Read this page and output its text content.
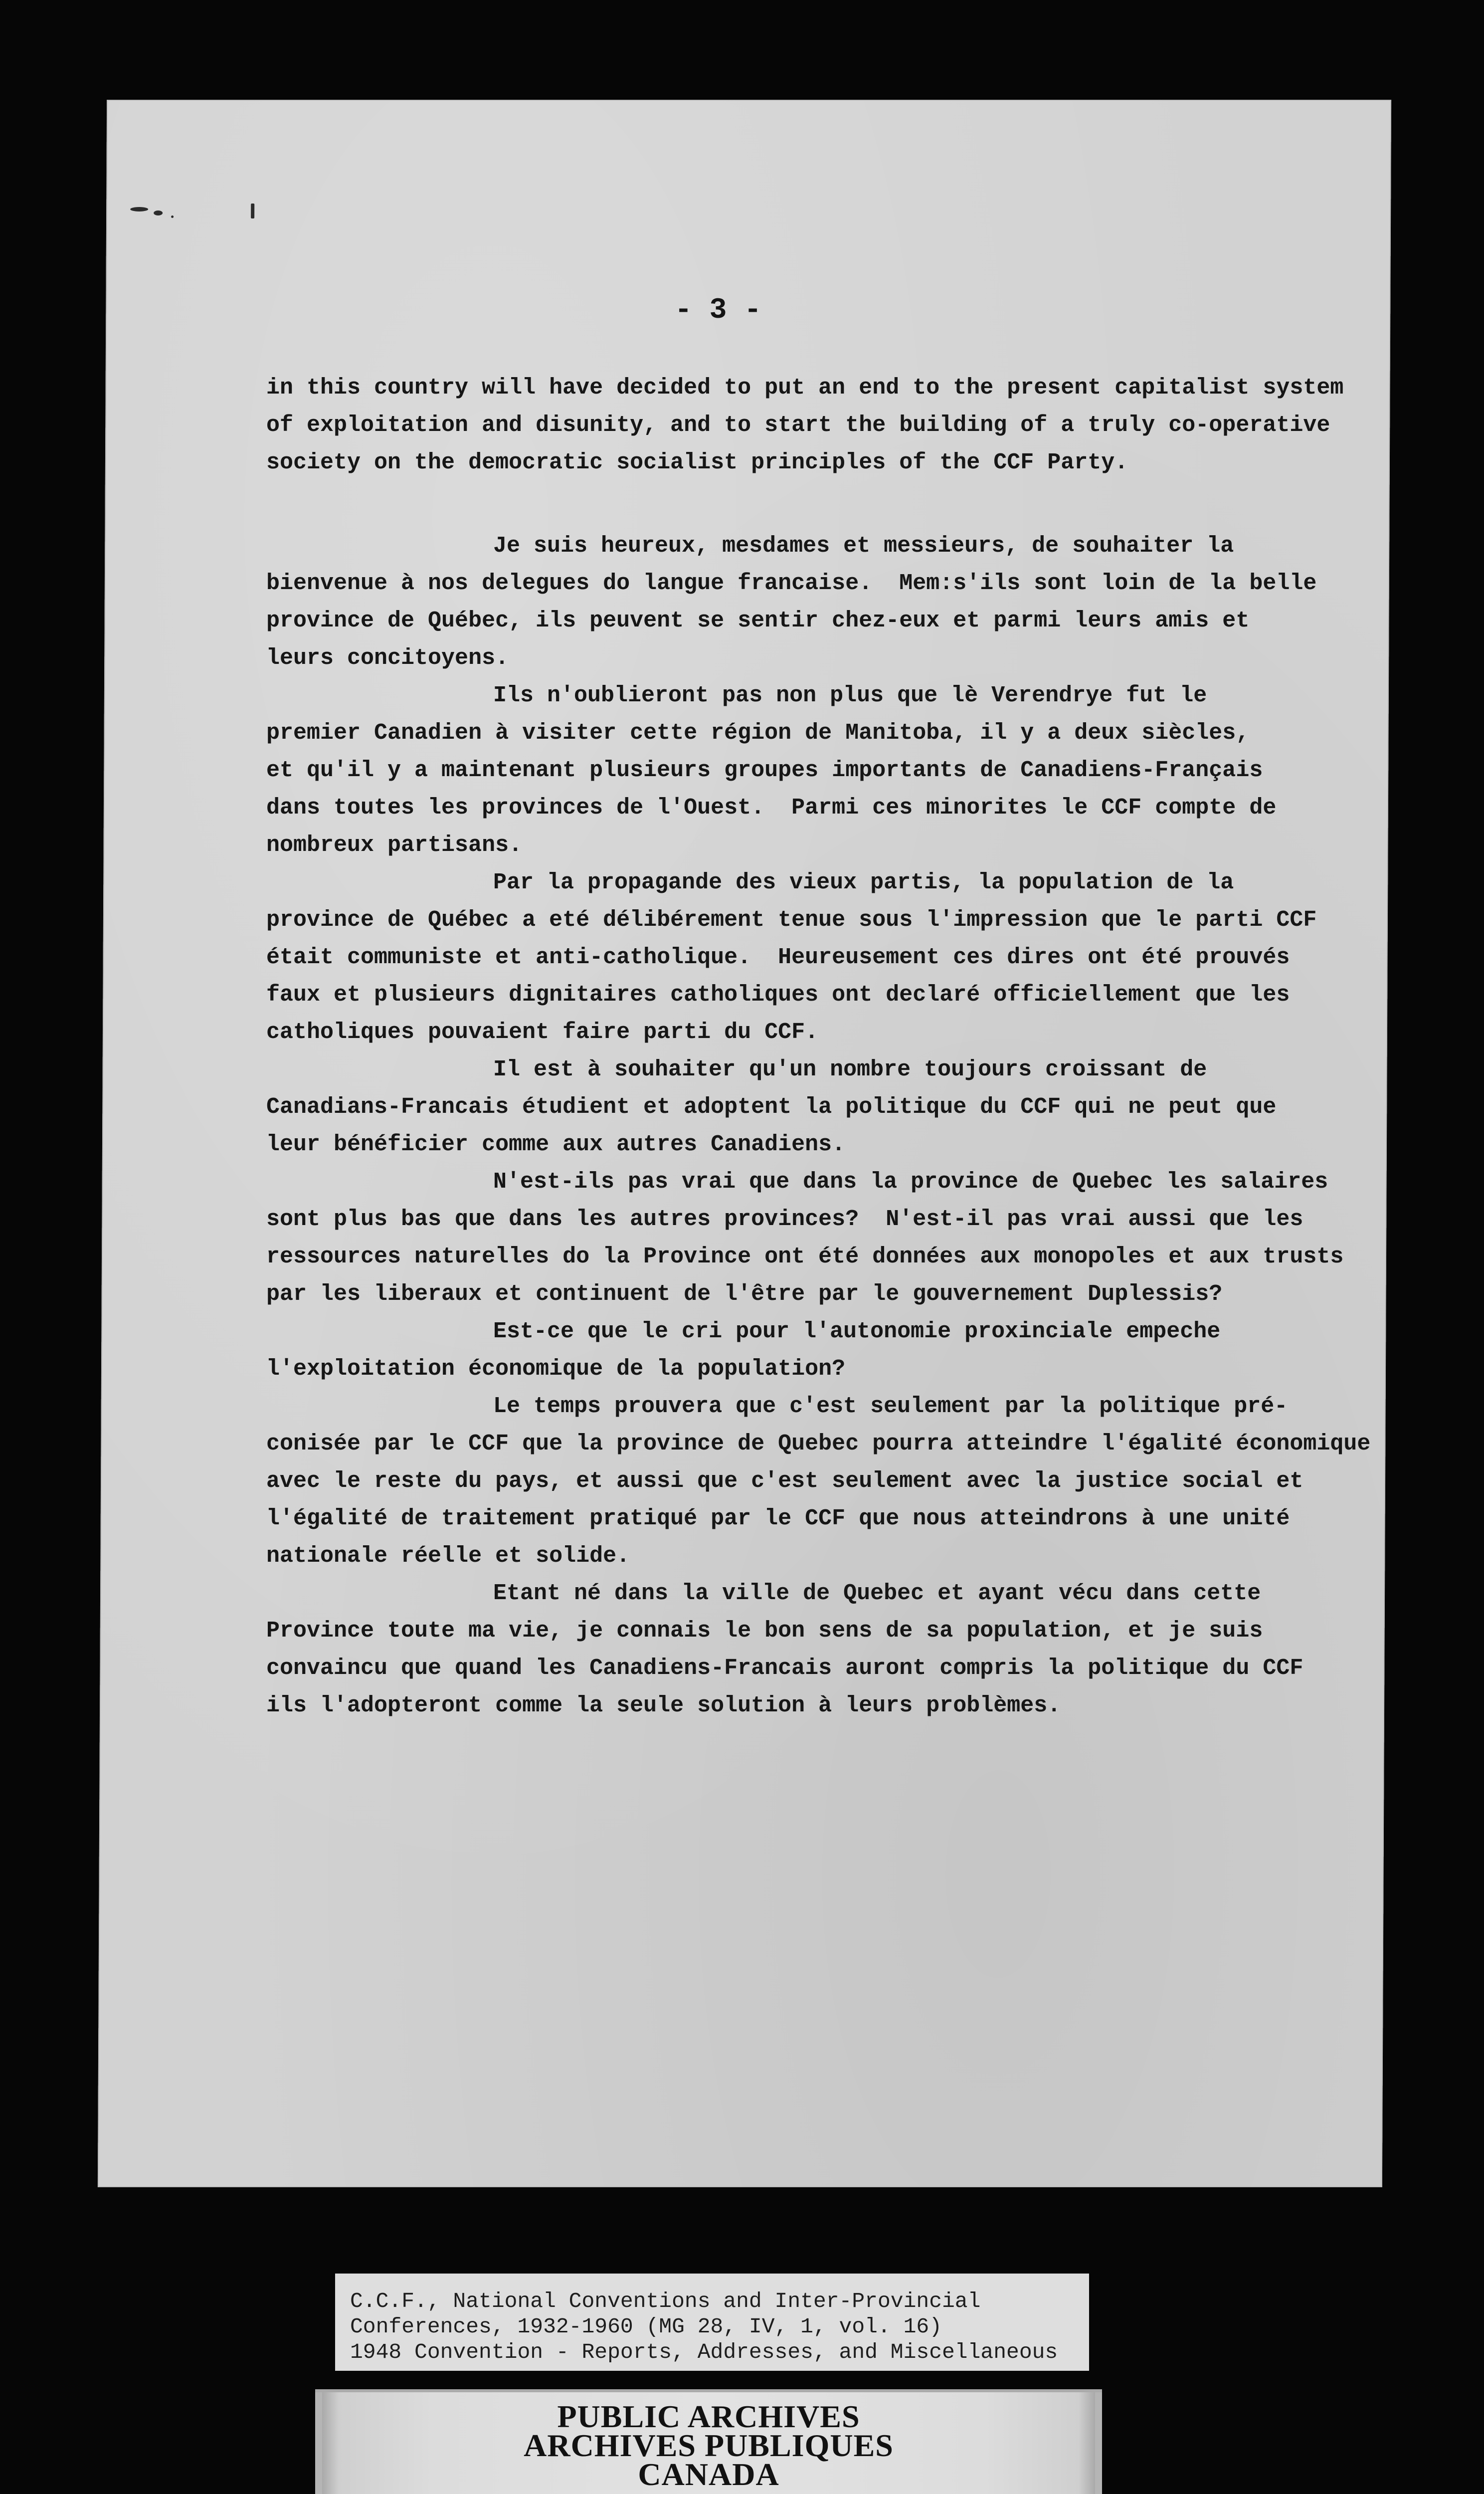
- 3 -
in this country will have decided to put an end to the present capitalist system
of exploitation and disunity, and to start the building of a truly co-operative
society on the democratic socialist principles of the CCF Party.
Je suis heureux, mesdames et messieurs, de souhaiter la
bienvenue à nos delegues do langue francaise.  Mem:s'ils sont loin de la belle
province de Québec, ils peuvent se sentir chez-eux et parmi leurs amis et
leurs concitoyens.
Ils n'oublieront pas non plus que lè Verendrye fut le
premier Canadien à visiter cette région de Manitoba, il y a deux siècles,
et qu'il y a maintenant plusieurs groupes importants de Canadiens-Français
dans toutes les provinces de l'Ouest.  Parmi ces minorites le CCF compte de
nombreux partisans.
Par la propagande des vieux partis, la population de la
province de Québec a eté délibérement tenue sous l'impression que le parti CCF
était communiste et anti-catholique.  Heureusement ces dires ont été prouvés
faux et plusieurs dignitaires catholiques ont declaré officiellement que les
catholiques pouvaient faire parti du CCF.
Il est à souhaiter qu'un nombre toujours croissant de
Canadians-Francais étudient et adoptent la politique du CCF qui ne peut que
leur bénéficier comme aux autres Canadiens.
N'est-ils pas vrai que dans la province de Quebec les salaires
sont plus bas que dans les autres provinces?  N'est-il pas vrai aussi que les
ressources naturelles do la Province ont été données aux monopoles et aux trusts
par les liberaux et continuent de l'être par le gouvernement Duplessis?
Est-ce que le cri pour l'autonomie proxinciale empeche
l'exploitation économique de la population?
Le temps prouvera que c'est seulement par la politique pré-
conisée par le CCF que la province de Quebec pourra atteindre l'égalité économique
avec le reste du pays, et aussi que c'est seulement avec la justice social et
l'égalité de traitement pratiqué par le CCF que nous atteindrons à une unité
nationale réelle et solide.
Etant né dans la ville de Quebec et ayant vécu dans cette
Province toute ma vie, je connais le bon sens de sa population, et je suis
convaincu que quand les Canadiens-Francais auront compris la politique du CCF
ils l'adopteront comme la seule solution à leurs problèmes.
C.C.F., National Conventions and Inter-Provincial
Conferences, 1932-1960 (MG 28, IV, 1, vol. 16)
1948 Convention - Reports, Addresses, and Miscellaneous
PUBLIC ARCHIVES
ARCHIVES PUBLIQUES
CANADA
